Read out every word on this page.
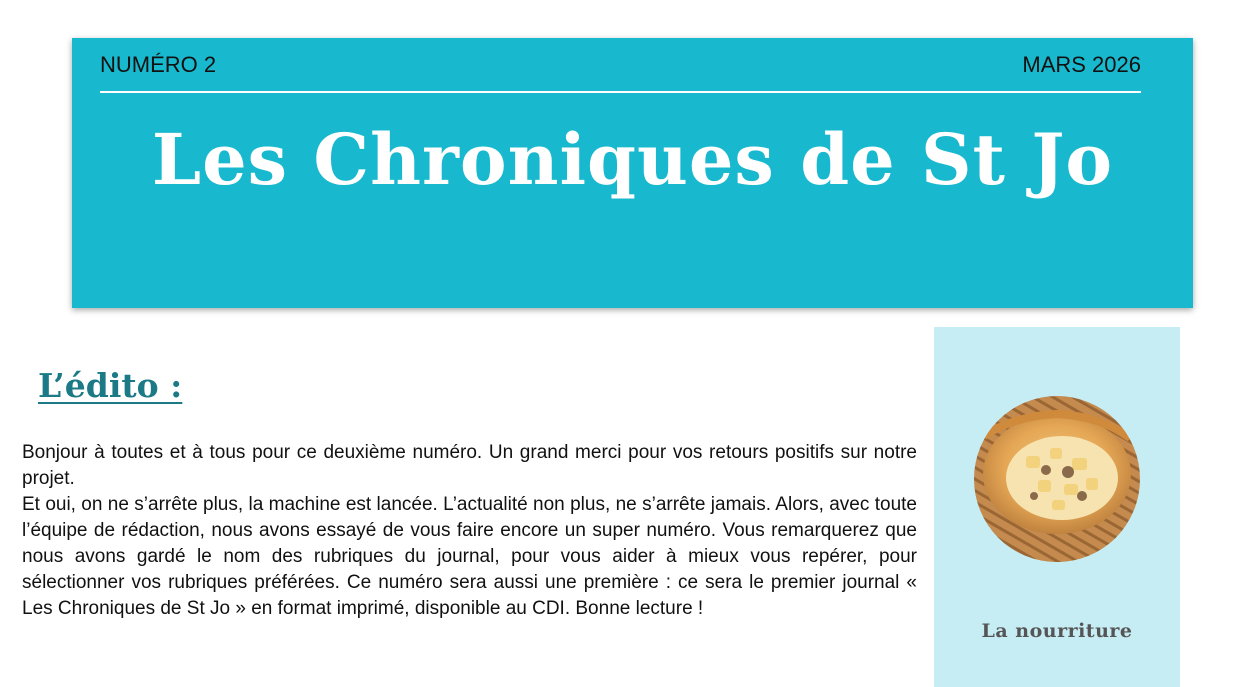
NUMÉRO 2	MARS 2026
Les Chroniques de St Jo
L’édito :

Bonjour à toutes et à tous pour ce deuxième numéro. Un grand merci pour vos retours positifs sur notre projet.

Et oui, on ne s’arrête plus, la machine est lancée. L’actualité non plus, ne s’arrête jamais. Alors, avec toute l’équipe de rédaction, nous avons essayé de vous faire encore un super numéro. Vous remarquerez que nous avons gardé le nom des rubriques du journal, pour vous aider à mieux vous repérer, pour sélectionner vos rubriques préférées. Ce numéro sera aussi une première : ce sera le premier journal « Les Chroniques de St Jo » en format imprimé, disponible au CDI. Bonne lecture !

La nourriture
